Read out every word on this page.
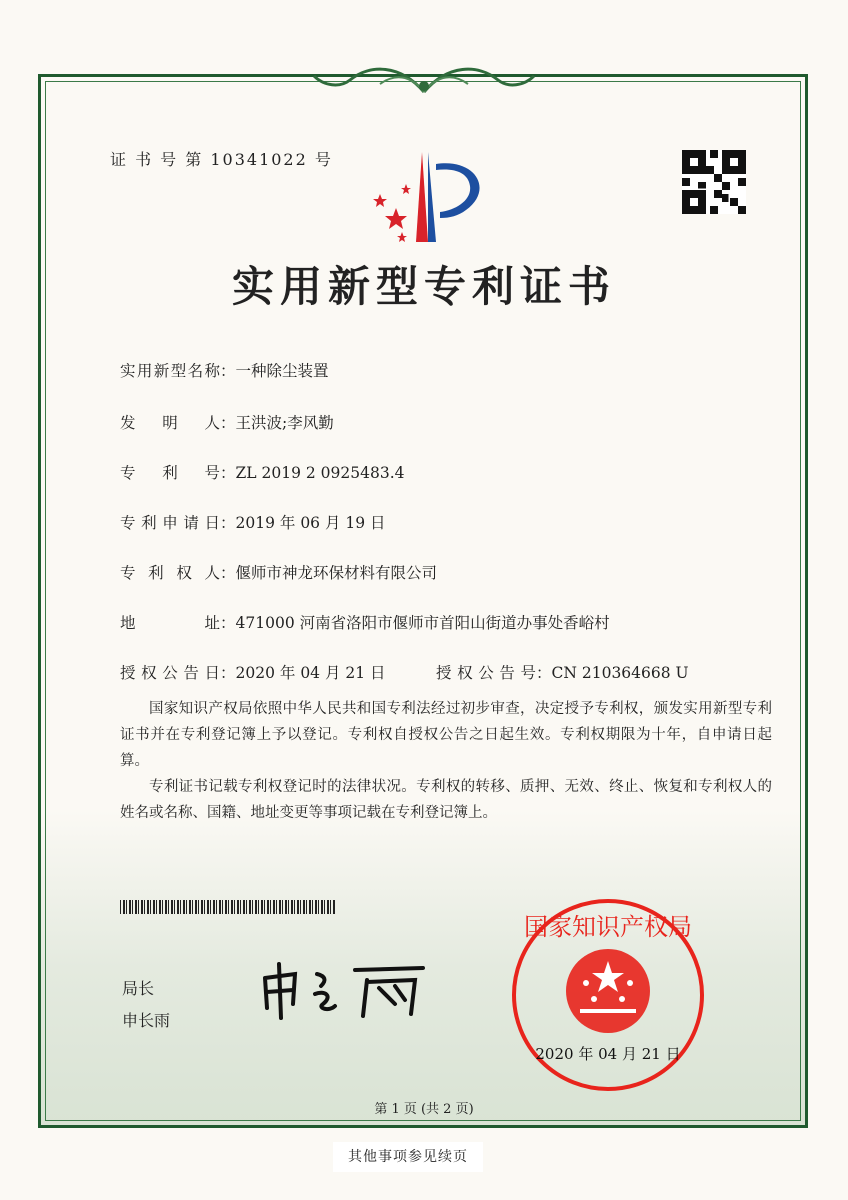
证 书 号 第 10341022 号
实用新型专利证书
实用新型名称：一种除尘装置
发明人：王洪波;李风勤
专利号：ZL 2019 2 0925483.4
专利申请日：2019 年 06 月 19 日
专利权人：偃师市神龙环保材料有限公司
地址：471000 河南省洛阳市偃师市首阳山街道办事处香峪村
授权公告日：2020 年 04 月 21 日	授权公告号：CN 210364668 U
国家知识产权局依照中华人民共和国专利法经过初步审查，决定授予专利权，颁发实用新型专利证书并在专利登记簿上予以登记。专利权自授权公告之日起生效。专利权期限为十年，自申请日起算。
专利证书记载专利权登记时的法律状况。专利权的转移、质押、无效、终止、恢复和专利权人的姓名或名称、国籍、地址变更等事项记载在专利登记簿上。
局长
申长雨
国家知识产权局
2020 年 04 月 21 日
第 1 页 (共 2 页)
其他事项参见续页
